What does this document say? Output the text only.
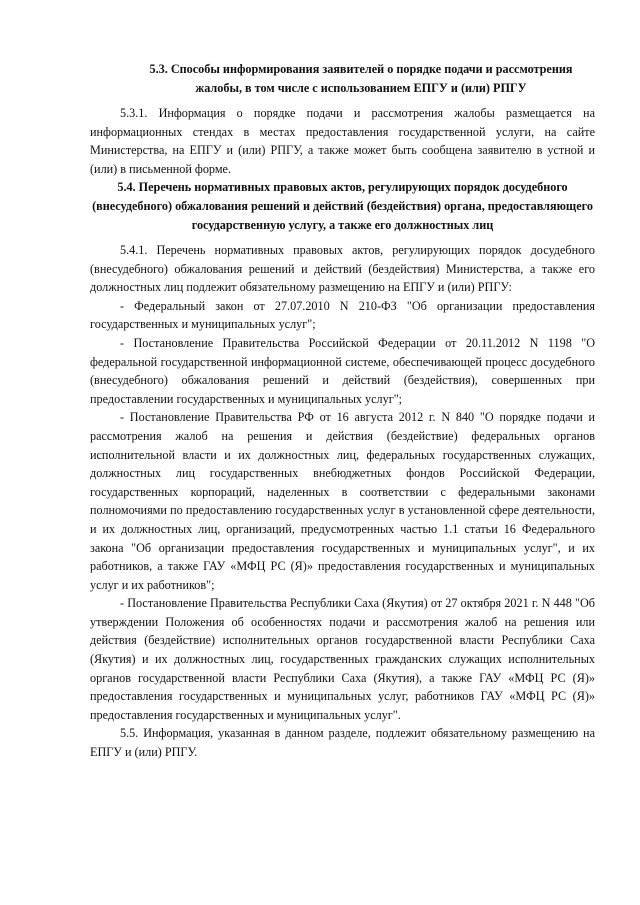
5.3. Способы информирования заявителей о порядке подачи и рассмотрения жалобы, в том числе с использованием ЕПГУ и (или) РПГУ

5.3.1. Информация о порядке подачи и рассмотрения жалобы размещается на информационных стендах в местах предоставления государственной услуги, на сайте Министерства, на ЕПГУ и (или) РПГУ, а также может быть сообщена заявителю в устной и (или) в письменной форме.

5.4. Перечень нормативных правовых актов, регулирующих порядок досудебного (внесудебного) обжалования решений и действий (бездействия) органа, предоставляющего государственную услугу, а также его должностных лиц

5.4.1. Перечень нормативных правовых актов, регулирующих порядок досудебного (внесудебного) обжалования решений и действий (бездействия) Министерства, а также его должностных лиц подлежит обязательному размещению на ЕПГУ и (или) РПГУ:

- Федеральный закон от 27.07.2010 N 210-ФЗ "Об организации предоставления государственных и муниципальных услуг";

- Постановление Правительства Российской Федерации от 20.11.2012 N 1198 "О федеральной государственной информационной системе, обеспечивающей процесс досудебного (внесудебного) обжалования решений и действий (бездействия), совершенных при предоставлении государственных и муниципальных услуг";

- Постановление Правительства РФ от 16 августа 2012 г. N 840 "О порядке подачи и рассмотрения жалоб на решения и действия (бездействие) федеральных органов исполнительной власти и их должностных лиц, федеральных государственных служащих, должностных лиц государственных внебюджетных фондов Российской Федерации, государственных корпораций, наделенных в соответствии с федеральными законами полномочиями по предоставлению государственных услуг в установленной сфере деятельности, и их должностных лиц, организаций, предусмотренных частью 1.1 статьи 16 Федерального закона "Об организации предоставления государственных и муниципальных услуг", и их работников, а также ГАУ «МФЦ РС (Я)» предоставления государственных и муниципальных услуг и их работников";

- Постановление Правительства Республики Саха (Якутия) от 27 октября 2021 г. N 448 "Об утверждении Положения об особенностях подачи и рассмотрения жалоб на решения или действия (бездействие) исполнительных органов государственной власти Республики Саха (Якутия) и их должностных лиц, государственных гражданских служащих исполнительных органов государственной власти Республики Саха (Якутия), а также ГАУ «МФЦ РС (Я)» предоставления государственных и муниципальных услуг, работников ГАУ «МФЦ РС (Я)» предоставления государственных и муниципальных услуг".

5.5. Информация, указанная в данном разделе, подлежит обязательному размещению на ЕПГУ и (или) РПГУ.
